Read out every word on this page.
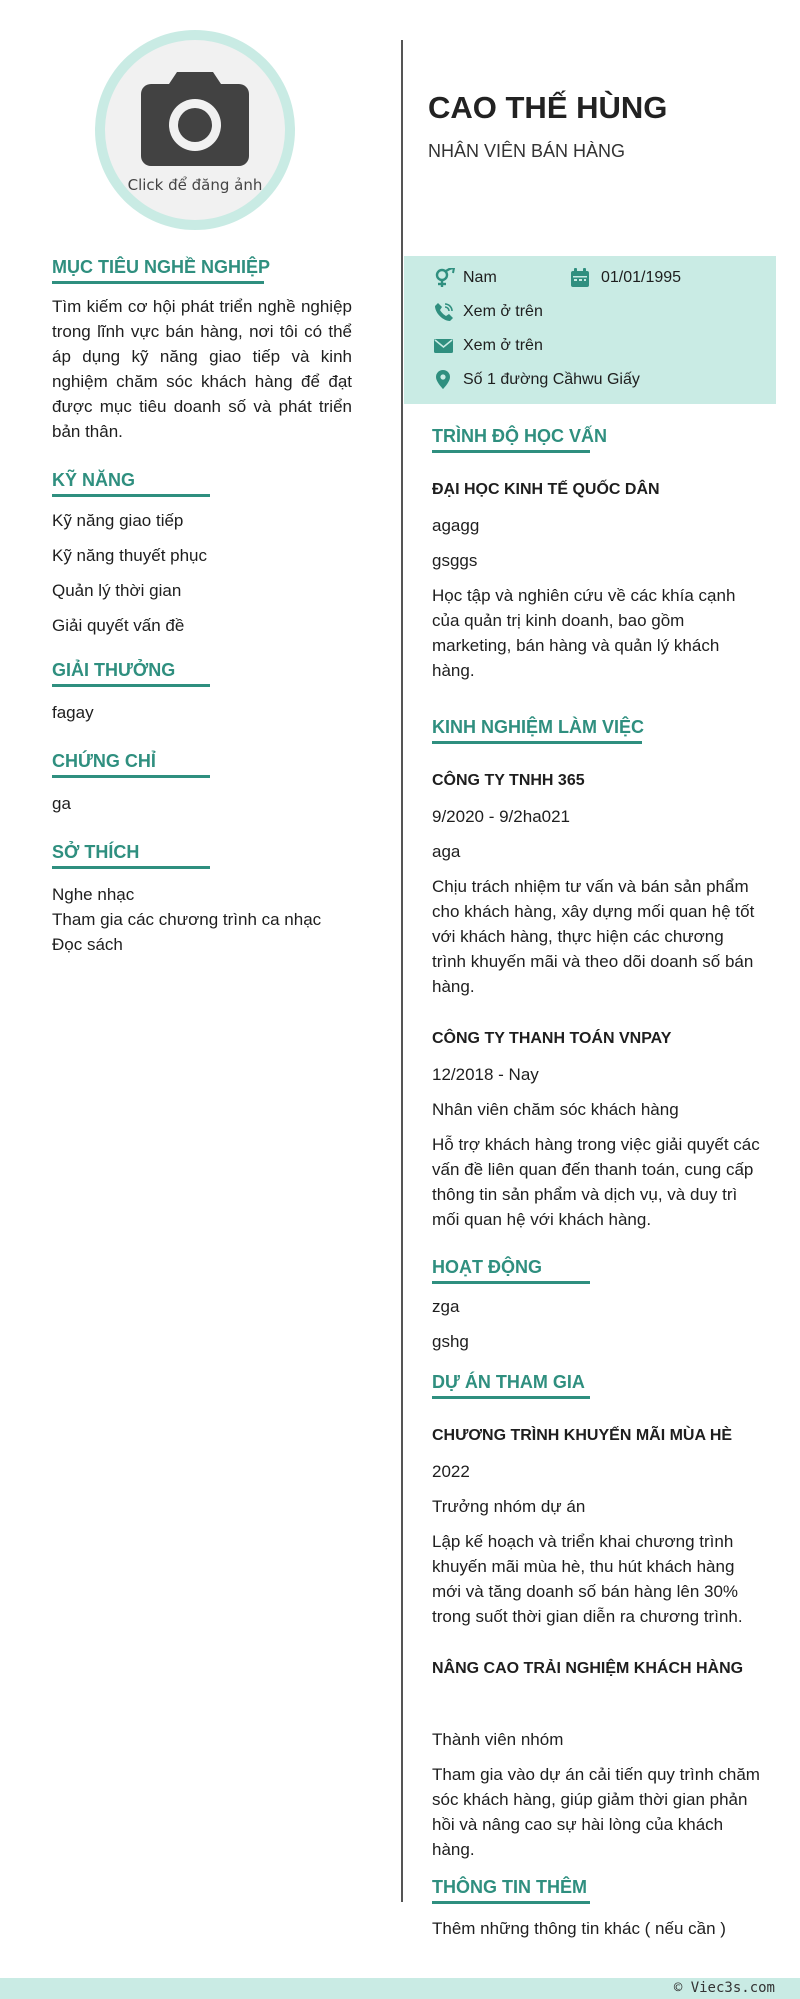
Click để đăng ảnh
CAO THẾ HÙNG
NHÂN VIÊN BÁN HÀNG
Nam	01/01/1995
Xem ở trên
Xem ở trên
Số 1 đường Cầhwu Giấy
MỤC TIÊU NGHỀ NGHIỆP

Tìm kiếm cơ hội phát triển nghề nghiệp trong lĩnh vực bán hàng, nơi tôi có thể áp dụng kỹ năng giao tiếp và kinh nghiệm chăm sóc khách hàng để đạt được mục tiêu doanh số và phát triển bản thân.

KỸ NĂNG
Kỹ năng giao tiếp
Kỹ năng thuyết phục
Quản lý thời gian
Giải quyết vấn đề
GIẢI THƯỞNG
fagay
CHỨNG CHỈ
ga
SỞ THÍCH
Nghe nhạc
Tham gia các chương trình ca nhạc
Đọc sách
TRÌNH ĐỘ HỌC VẤN
ĐẠI HỌC KINH TẾ QUỐC DÂN
agagg
gsggs

Học tập và nghiên cứu về các khía cạnh của quản trị kinh doanh, bao gồm marketing, bán hàng và quản lý khách hàng.

KINH NGHIỆM LÀM VIỆC
CÔNG TY TNHH 365
9/2020 - 9/2ha021
aga

Chịu trách nhiệm tư vấn và bán sản phẩm cho khách hàng, xây dựng mối quan hệ tốt với khách hàng, thực hiện các chương trình khuyến mãi và theo dõi doanh số bán hàng.

CÔNG TY THANH TOÁN VNPAY
12/2018 - Nay
Nhân viên chăm sóc khách hàng

Hỗ trợ khách hàng trong việc giải quyết các vấn đề liên quan đến thanh toán, cung cấp thông tin sản phẩm và dịch vụ, và duy trì mối quan hệ với khách hàng.

HOẠT ĐỘNG
zga
gshg
DỰ ÁN THAM GIA
CHƯƠNG TRÌNH KHUYẾN MÃI MÙA HÈ
2022
Trưởng nhóm dự án

Lập kế hoạch và triển khai chương trình khuyến mãi mùa hè, thu hút khách hàng mới và tăng doanh số bán hàng lên 30% trong suốt thời gian diễn ra chương trình.

NÂNG CAO TRẢI NGHIỆM KHÁCH HÀNG
Thành viên nhóm

Tham gia vào dự án cải tiến quy trình chăm sóc khách hàng, giúp giảm thời gian phản hồi và nâng cao sự hài lòng của khách hàng.

THÔNG TIN THÊM
Thêm những thông tin khác ( nếu cần )
© Viec3s.com
